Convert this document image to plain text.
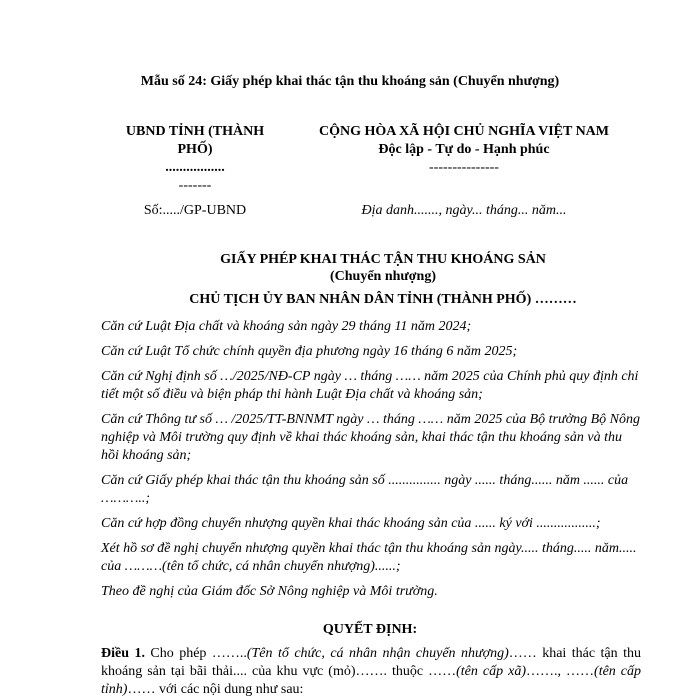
Mẫu số 24: Giấy phép khai thác tận thu khoáng sản (Chuyển nhượng)
UBND TỈNH (THÀNH
PHỐ)
.................
-------
CỘNG HÒA XÃ HỘI CHỦ NGHĨA VIỆT NAM
Độc lập - Tự do - Hạnh phúc
---------------
Số:...../GP-UBND	Địa danh......., ngày... tháng... năm...
GIẤY PHÉP KHAI THÁC TẬN THU KHOÁNG SẢN
(Chuyển nhượng)
CHỦ TỊCH ỦY BAN NHÂN DÂN TỈNH (THÀNH PHỐ) ………

Căn cứ Luật Địa chất và khoáng sản ngày 29 tháng 11 năm 2024;

Căn cứ Luật Tổ chức chính quyền địa phương ngày 16 tháng 6 năm 2025;

Căn cứ Nghị định số …/2025/NĐ-CP ngày … tháng …… năm 2025 của Chính phủ quy định chi tiết một số điều và biện pháp thi hành Luật Địa chất và khoáng sản;

Căn cứ Thông tư số … /2025/TT-BNNMT ngày … tháng …… năm 2025 của Bộ trưởng Bộ Nông nghiệp và Môi trường quy định về khai thác khoáng sản, khai thác tận thu khoáng sản và thu hồi khoáng sản;

Căn cứ Giấy phép khai thác tận thu khoáng sản số ............... ngày ...... tháng...... năm ...... của ………..;

Căn cứ hợp đồng chuyển nhượng quyền khai thác khoáng sản của ...... ký với .................;

Xét hồ sơ đề nghị chuyển nhượng quyền khai thác tận thu khoáng sản ngày..... tháng..... năm..... của ………(tên tổ chức, cá nhân chuyển nhượng)......;

Theo đề nghị của Giám đốc Sở Nông nghiệp và Môi trường.

QUYẾT ĐỊNH:
Điều 1. Cho phép ……..(Tên tổ chức, cá nhân nhận chuyển nhượng)…… khai thác tận thu khoáng sản tại bãi thải.... của khu vực (mỏ)……. thuộc ……(tên cấp xã)……., ……(tên cấp tỉnh)…… với các nội dung như sau:
